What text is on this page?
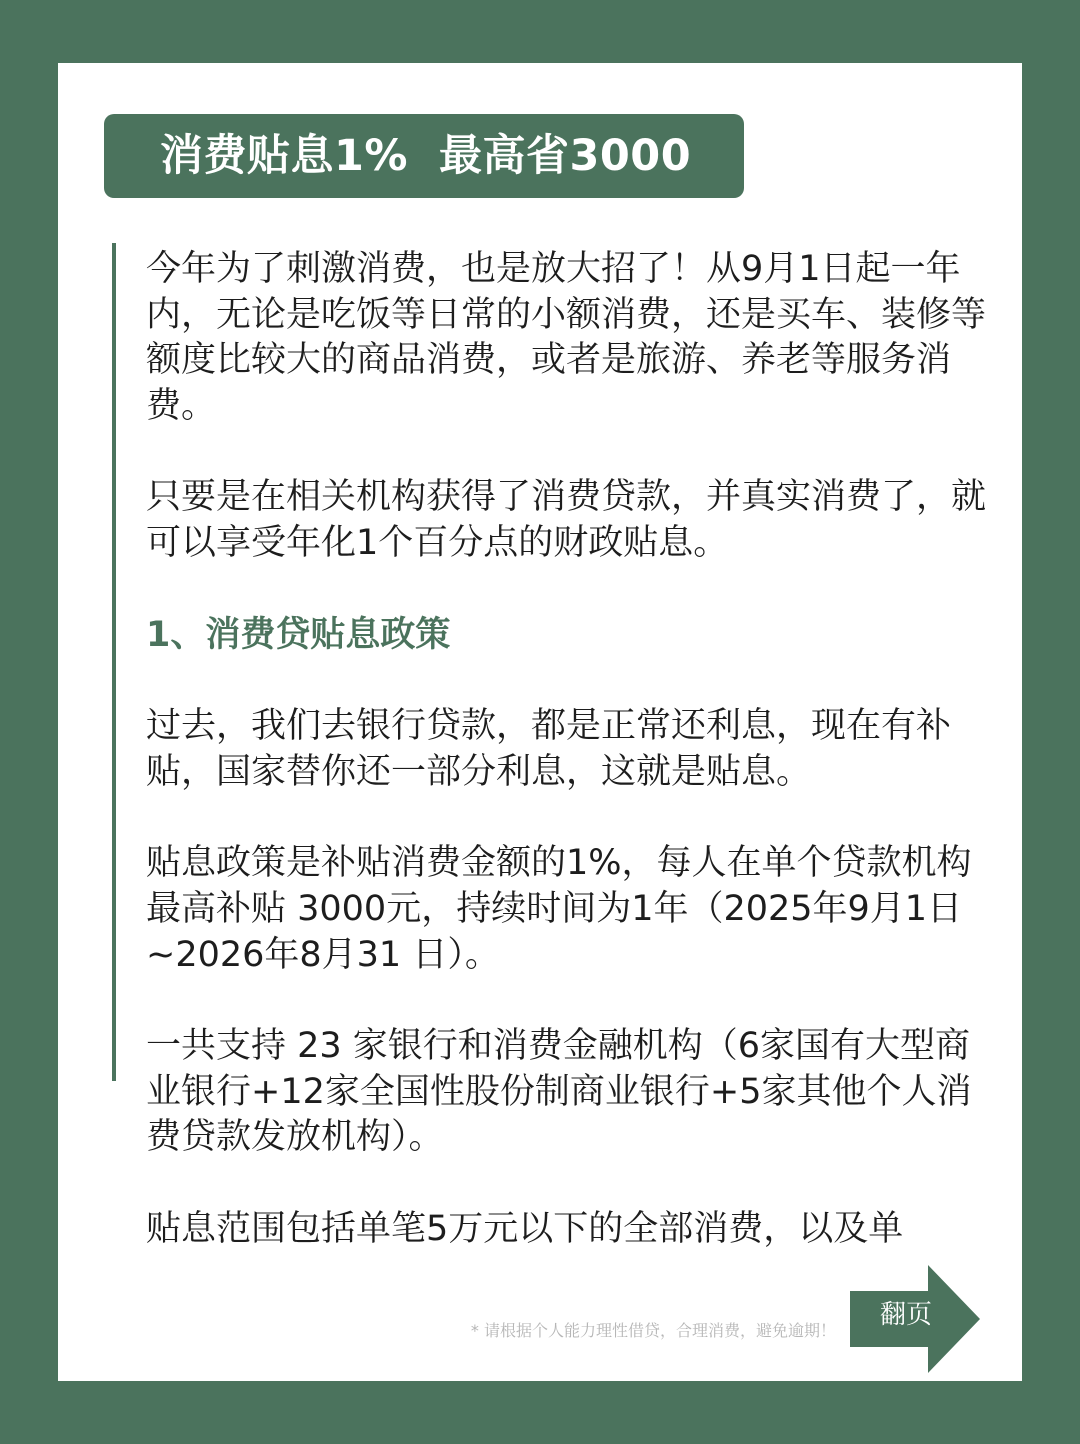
消费贴息1%  最高省3000

今年为了刺激消费，也是放大招了！从9月1日起一年内，无论是吃饭等日常的小额消费，还是买车、装修等额度比较大的商品消费，或者是旅游、养老等服务消费。

只要是在相关机构获得了消费贷款，并真实消费了，就可以享受年化1个百分点的财政贴息。

1、消费贷贴息政策

过去，我们去银行贷款，都是正常还利息，现在有补贴，国家替你还一部分利息，这就是贴息。

贴息政策是补贴消费金额的1%，每人在单个贷款机构最高补贴 3000元，持续时间为1年（2025年9月1日~2026年8月31 日）。

一共支持 23 家银行和消费金融机构（6家国有大型商业银行+12家全国性股份制商业银行+5家其他个人消费贷款发放机构）。

贴息范围包括单笔5万元以下的全部消费，以及单

* 请根据个人能力理性借贷，合理消费，避免逾期！
翻页
